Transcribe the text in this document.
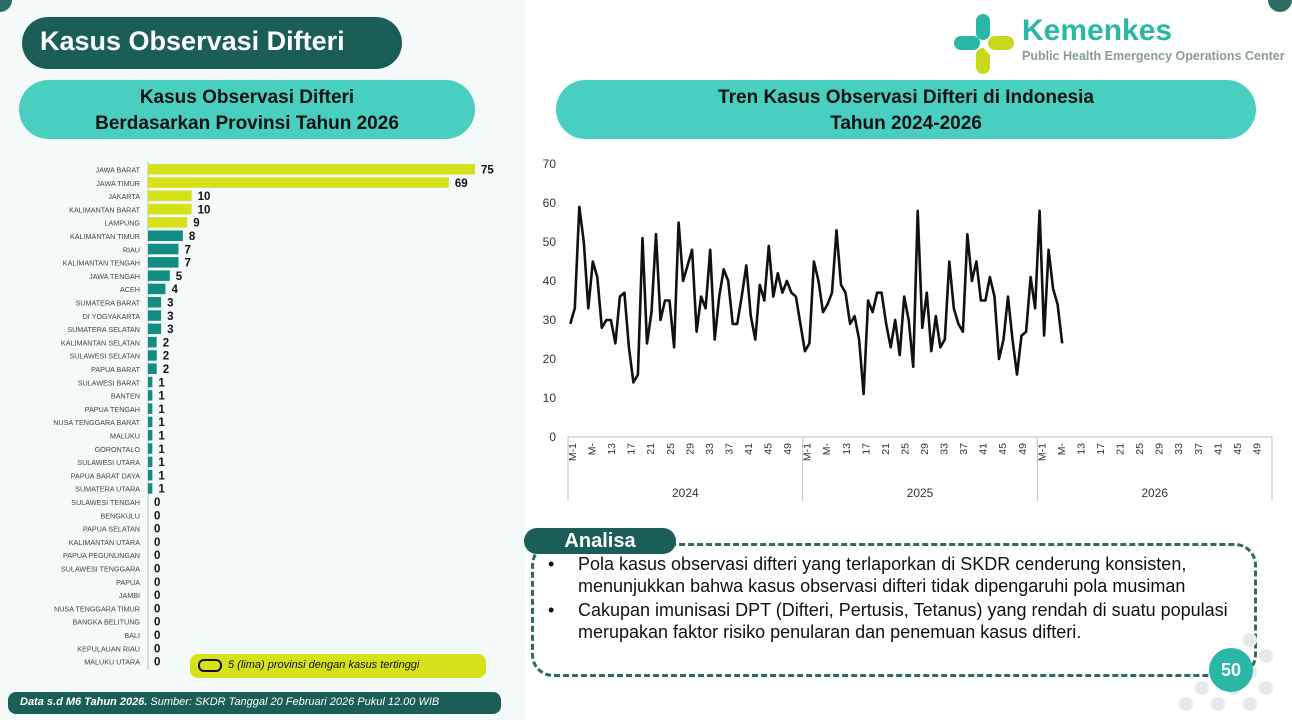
Kasus Observasi Difteri	Kemenkes
Public Health Emergency Operations Center
Kasus Observasi Difteri
Berdasarkan Provinsi Tahun 2026
Tren Kasus Observasi Difteri di Indonesia
Tahun 2024-2026
JAWA BARAT	75
JAWA TIMUR	69
JAKARTA	10
KALIMANTAN BARAT	10
LAMPUNG	9
KALIMANTAN TIMUR	8
RIAU	7
KALIMANTAN TENGAH	7
JAWA TENGAH	5
ACEH	4
SUMATERA BARAT 3
DI YOGYAKARTA 3
SUMATERA SELATAN 3
KALIMANTAN SELATAN 2
SULAWESI SELATAN 2
PAPUA BARAT 2
SULAWESI BARAT 1
BANTEN 1
PAPUA TENGAH 1
NUSA TENGGARA BARAT 1
MALUKU 1
GORONTALO 1
SULAWESI UTARA 1
PAPUA BARAT DAYA 1
SUMATERA UTARA 1
SULAWESI TENGAH 0
BENGKULU 0
PAPUA SELATAN 0
KALIMANTAN UTARA 0
PAPUA PEGUNUNGAN 0
SULAWESI TENGGARA 0
PAPUA 0
JAMBI 0
NUSA TENGGARA TIMUR 0
BANGKA BELITUNG 0
BALI 0
KEPULAUAN RIAU 0
MALUKU UTARA 0
0
10
20
30
40
50
60
70
2024	2025	2026
M-1 M- 13 17 21 25 29 33 37 41 45 49 M-1 M- 13 17 21 25 29 33 37 41 45 49 M-1 M- 13 17 21 25 29 33 37 41 45 49
5 (lima) provinsi dengan kasus tertinggi
Data s.d M6 Tahun 2026. Sumber: SKDR Tanggal 20 Februari 2026 Pukul 12.00 WIB
Analisa
• Pola kasus observasi difteri yang terlaporkan di SKDR cenderung konsisten, menunjukkan bahwa kasus observasi difteri tidak dipengaruhi pola musiman
• Cakupan imunisasi DPT (Difteri, Pertusis, Tetanus) yang rendah di suatu populasi merupakan faktor risiko penularan dan penemuan kasus difteri.
50
